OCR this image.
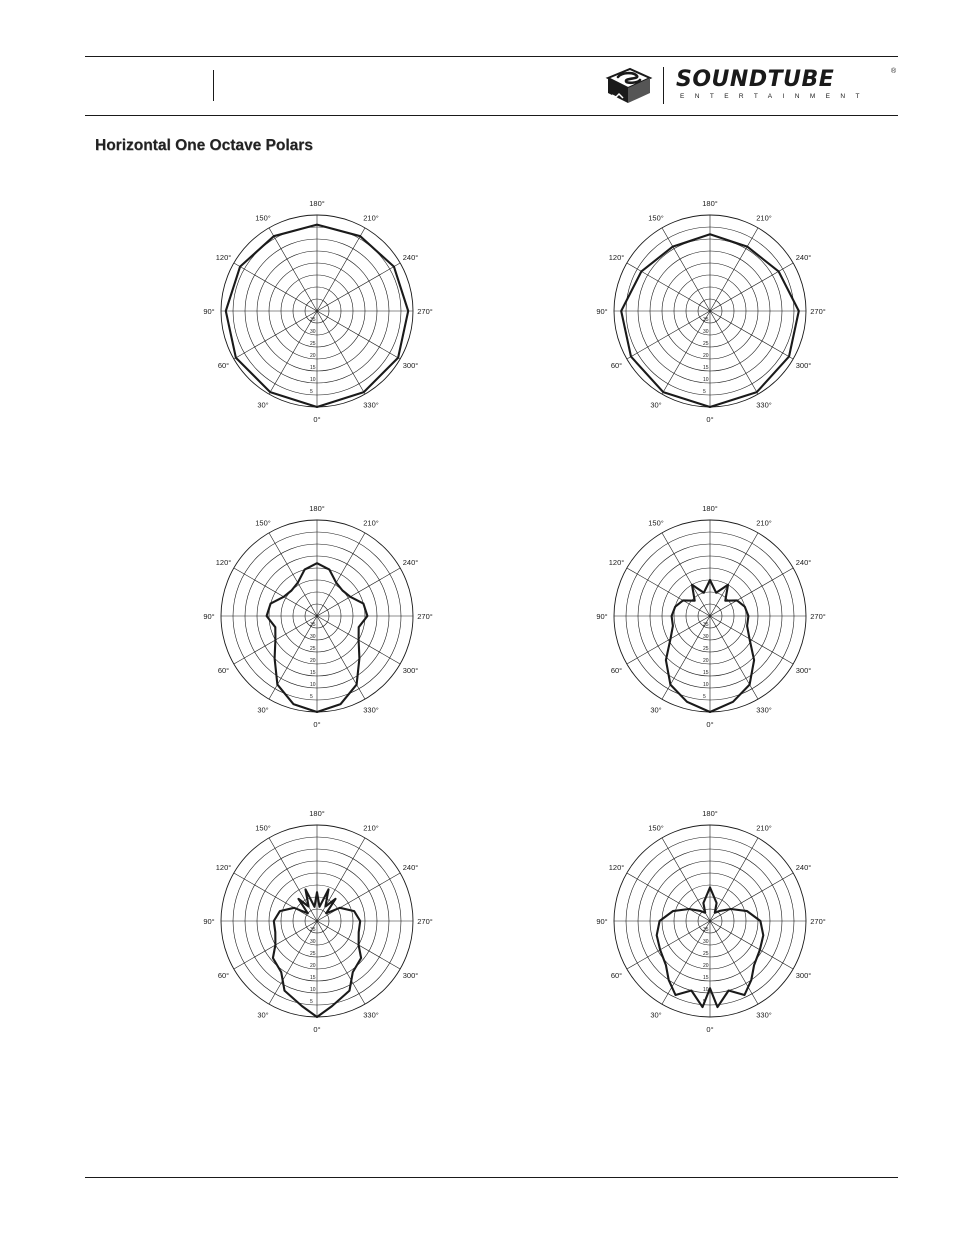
SOUNDTUBE	®
ENTERTAINMENT
Horizontal One Octave Polars
0°
30°
60°
90°
120°
150°
180°
210°
240°
270°
300°
330°
5
10
15
20
25
30
35
0°
30°
60°
90°
120°
150°
180°
210°
240°
270°
300°
330°
5
10
15
20
25
30
35
0°
30°
60°
90°
120°
150°
180°
210°
240°
270°
300°
330°
5
10
15
20
25
30
35
0°
30°
60°
90°
120°
150°
180°
210°
240°
270°
300°
330°
5
10
15
20
25
30
35
0°
30°
60°
90°
120°
150°
180°
210°
240°
270°
300°
330°
5
10
15
20
25
30
35
0°
30°
60°
90°
120°
150°
180°
210°
240°
270°
300°
330°
5
10
15
20
25
30
35
